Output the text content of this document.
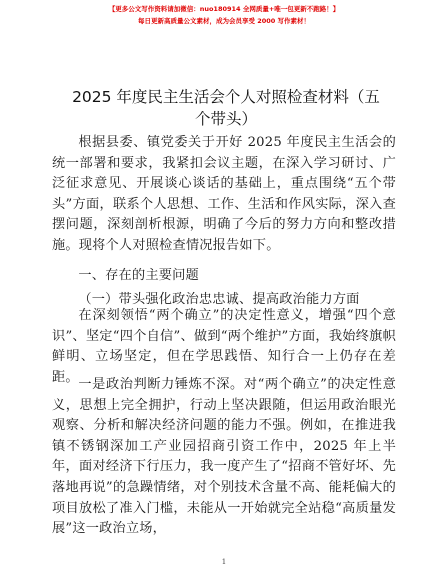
【更多公文写作资料请加微信：nuo180914 全网质量+唯一包更新不跑路！】
每日更新高质量公文素材，成为会员享受 2000 写作素材！
2025 年度民主生活会个人对照检查材料（五个带头）

根据县委、镇党委关于开好 2025 年度民主生活会的统一部署和要求，我紧扣会议主题，在深入学习研讨、广泛征求意见、开展谈心谈话的基础上，重点围绕“五个带头”方面，联系个人思想、工作、生活和作风实际，深入查摆问题，深刻剖析根源，明确了今后的努力方向和整改措施。现将个人对照检查情况报告如下。

一、存在的主要问题

（一）带头强化政治忠忠诚、提高政治能力方面

在深刻领悟“两个确立”的决定性意义，增强“四个意识”、坚定“四个自信”、做到“两个维护”方面，我始终旗帜鲜明、立场坚定，但在学思践悟、知行合一上仍存在差距。 一是政治判断力锤炼不深。对“两个确立”的决定性意义，思想上完全拥护，行动上坚决跟随，但运用政治眼光观察、分析和解决经济问题的能力不强。例如，在推进我镇不锈钢深加工产业园招商引资工作中，2025 年上半年，面对经济下行压力，我一度产生了“招商不管好坏、先落地再说”的急躁情绪，对个别技术含量不高、能耗偏大的项目放松了准入门槛，未能从一开始就完全站稳“高质量发展”这一政治立场，

1
